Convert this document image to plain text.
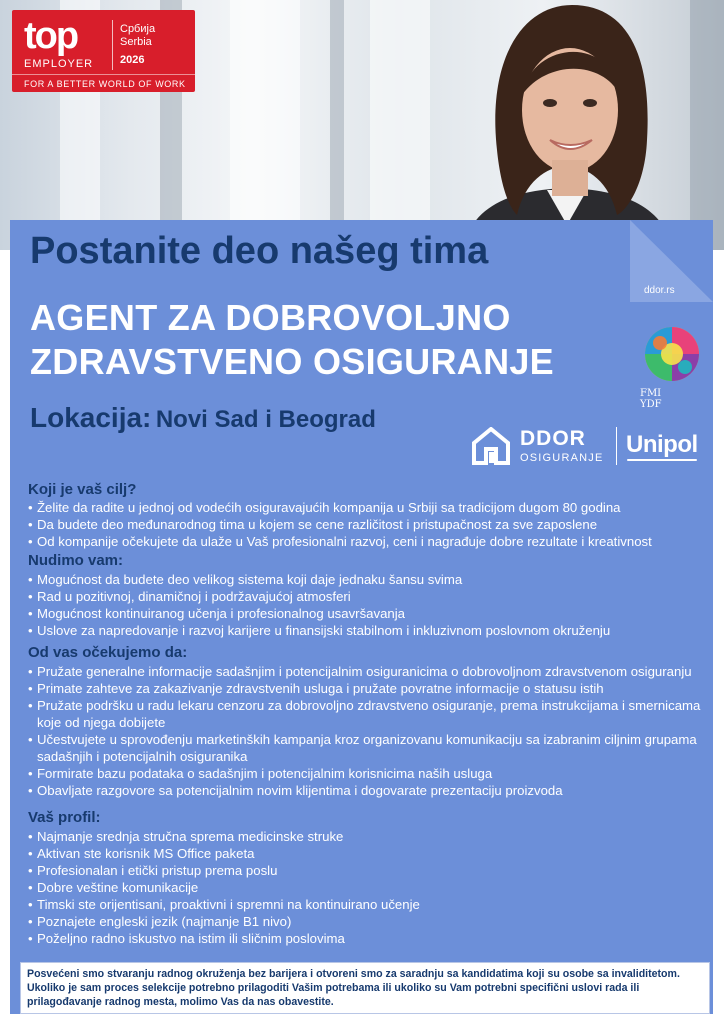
top
EMPLOYER
Србија
Serbia
2026
FOR A BETTER WORLD OF WORK
ddor.rs
Postanite deo našeg tima
AGENT ZA DOBROVOLJNO ZDRAVSTVENO OSIGURANJE
Lokacija: Novi Sad i Beograd
FMI YDF
DDOR
OSIGURANJE Unipol
Koji je vaš cilj?
• Želite da radite u jednoj od vodećih osiguravajućih kompanija u Srbiji sa tradicijom dugom 80 godina
• Da budete deo međunarodnog tima u kojem se cene različitost i pristupačnost za sve zaposlene
• Od kompanije očekujete da ulaže u Vaš profesionalni razvoj, ceni i nagrađuje dobre rezultate i kreativnost
Nudimo vam:
• Mogućnost da budete deo velikog sistema koji daje jednaku šansu svima
• Rad u pozitivnoj, dinamičnoj i podržavajućoj atmosferi
• Mogućnost kontinuiranog učenja i profesionalnog usavršavanja
• Uslove za napredovanje i razvoj karijere u finansijski stabilnom i inkluzivnom poslovnom okruženju
Od vas očekujemo da:
• Pružate generalne informacije sadašnjim i potencijalnim osiguranicima o dobrovoljnom zdravstvenom osiguranju
• Primate zahteve za zakazivanje zdravstvenih usluga i pružate povratne informacije o statusu istih
• Pružate podršku u radu lekaru cenzoru za dobrovoljno zdravstveno osiguranje, prema instrukcijama i smernicama koje od njega dobijete
• Učestvujete u sprovođenju marketinških kampanja kroz organizovanu komunikaciju sa izabranim ciljnim grupama sadašnjih i potencijalnih osiguranika
• Formirate bazu podataka o sadašnjim i potencijalnim korisnicima naših usluga
• Obavljate razgovore sa potencijalnim novim klijentima i dogovarate prezentaciju proizvoda
Vaš profil:
• Najmanje srednja stručna sprema medicinske struke
• Aktivan ste korisnik MS Office paketa
• Profesionalan i etički pristup prema poslu
• Dobre veštine komunikacije
• Timski ste orijentisani, proaktivni i spremni na kontinuirano učenje
• Poznajete engleski jezik (najmanje B1 nivo)
• Poželjno radno iskustvo na istim ili sličnim poslovima

Posvećeni smo stvaranju radnog okruženja bez barijera i otvoreni smo za saradnju sa kandidatima koji su osobe sa invaliditetom. Ukoliko je sam proces selekcije potrebno prilagoditi Vašim potrebama ili ukoliko su Vam potrebni specifični uslovi rada ili prilagođavanje radnog mesta, molimo Vas da nas obavestite.
